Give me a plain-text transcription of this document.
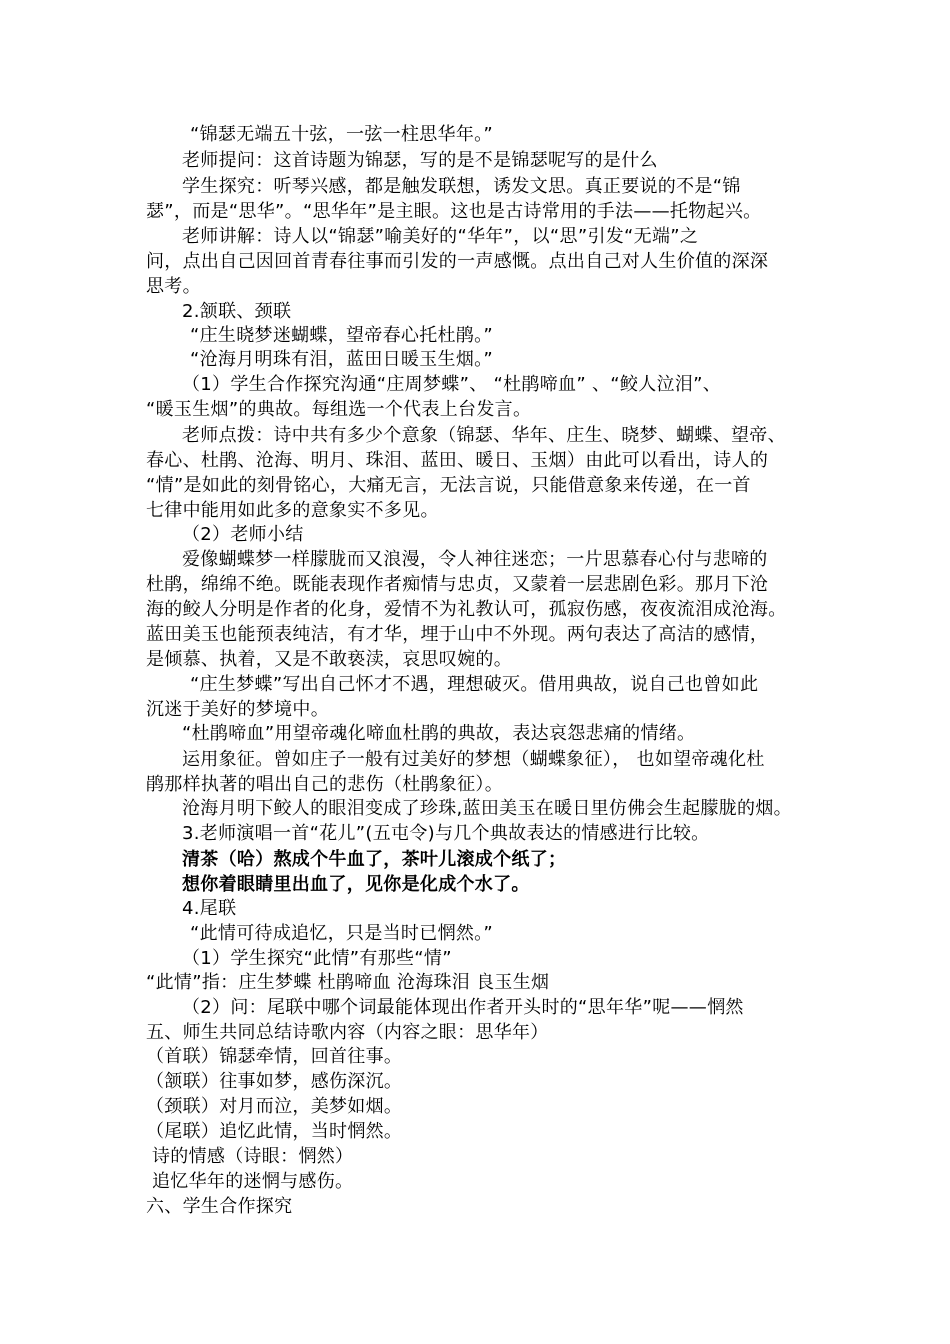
“锦瑟无端五十弦，一弦一柱思华年。”
老师提问：这首诗题为锦瑟，写的是不是锦瑟呢写的是什么
学生探究：听琴兴感，都是触发联想，诱发文思。真正要说的不是“锦
瑟”，而是“思华”。“思华年”是主眼。这也是古诗常用的手法——托物起兴。
老师讲解：诗人以“锦瑟”喻美好的“华年”，以“思”引发“无端”之
问，点出自己因回首青春往事而引发的一声感慨。点出自己对人生价值的深深
思考。
2.颔联、颈联
“庄生晓梦迷蝴蝶，望帝春心托杜鹃。”
“沧海月明珠有泪，蓝田日暖玉生烟。”
（1）学生合作探究沟通“庄周梦蝶”、 “杜鹃啼血” 、“鲛人泣泪”、
“暖玉生烟”的典故。每组选一个代表上台发言。
老师点拨：诗中共有多少个意象（锦瑟、华年、庄生、晓梦、蝴蝶、望帝、
春心、杜鹃、沧海、明月、珠泪、蓝田、暖日、玉烟）由此可以看出，诗人的
“情”是如此的刻骨铭心，大痛无言，无法言说，只能借意象来传递，在一首
七律中能用如此多的意象实不多见。
（2）老师小结
爱像蝴蝶梦一样朦胧而又浪漫，令人神往迷恋；一片思慕春心付与悲啼的
杜鹃，绵绵不绝。既能表现作者痴情与忠贞，又蒙着一层悲剧色彩。那月下沧
海的鲛人分明是作者的化身，爱情不为礼教认可，孤寂伤感，夜夜流泪成沧海。
蓝田美玉也能预表纯洁，有才华，埋于山中不外现。两句表达了高洁的感情，
是倾慕、执着，又是不敢亵渎，哀思叹婉的。
“庄生梦蝶”写出自己怀才不遇，理想破灭。借用典故，说自己也曾如此
沉迷于美好的梦境中。
“杜鹃啼血”用望帝魂化啼血杜鹃的典故，表达哀怨悲痛的情绪。
运用象征。曾如庄子一般有过美好的梦想（蝴蝶象征）， 也如望帝魂化杜
鹃那样执著的唱出自己的悲伤（杜鹃象征）。
沧海月明下鲛人的眼泪变成了珍珠,蓝田美玉在暖日里仿佛会生起朦胧的烟。
3.老师演唱一首“花儿”(五屯令)与几个典故表达的情感进行比较。
清茶（哈）熬成个牛血了，茶叶儿滚成个纸了；
想你着眼睛里出血了，见你是化成个水了。
4.尾联
“此情可待成追忆，只是当时已惘然。”
（1）学生探究“此情”有那些“情”
“此情”指：庄生梦蝶 杜鹃啼血 沧海珠泪 良玉生烟
（2）问：尾联中哪个词最能体现出作者开头时的“思年华”呢——惘然
五、师生共同总结诗歌内容（内容之眼：思华年）
（首联）锦瑟牵情，回首往事。
（颔联）往事如梦，感伤深沉。
（颈联）对月而泣，美梦如烟。
（尾联）追忆此情，当时惘然。
诗的情感（诗眼：惘然）
追忆华年的迷惘与感伤。
六、学生合作探究
